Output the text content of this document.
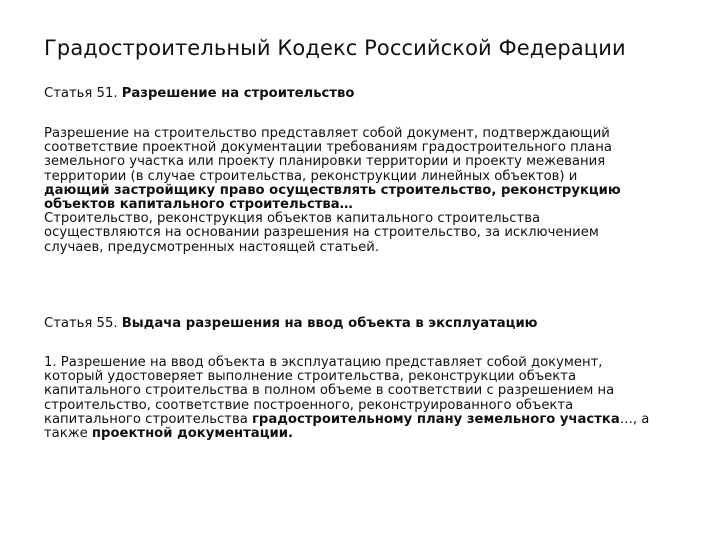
Градостроительный Кодекс Российской Федерации
Статья 51. Разрешение на строительство
Разрешение на строительство представляет собой документ, подтверждающий
соответствие проектной документации требованиям градостроительного плана
земельного участка или проекту планировки территории и проекту межевания
территории (в случае строительства, реконструкции линейных объектов) и
дающий застройщику право осуществлять строительство, реконструкцию
объектов капитального строительства…
Строительство, реконструкция объектов капитального строительства
осуществляются на основании разрешения на строительство, за исключением
случаев, предусмотренных настоящей статьей.
Статья 55. Выдача разрешения на ввод объекта в эксплуатацию
1. Разрешение на ввод объекта в эксплуатацию представляет собой документ,
который удостоверяет выполнение строительства, реконструкции объекта
капитального строительства в полном объеме в соответствии с разрешением на
строительство, соответствие построенного, реконструированного объекта
капитального строительства градостроительному плану земельного участка…, а
также проектной документации.
